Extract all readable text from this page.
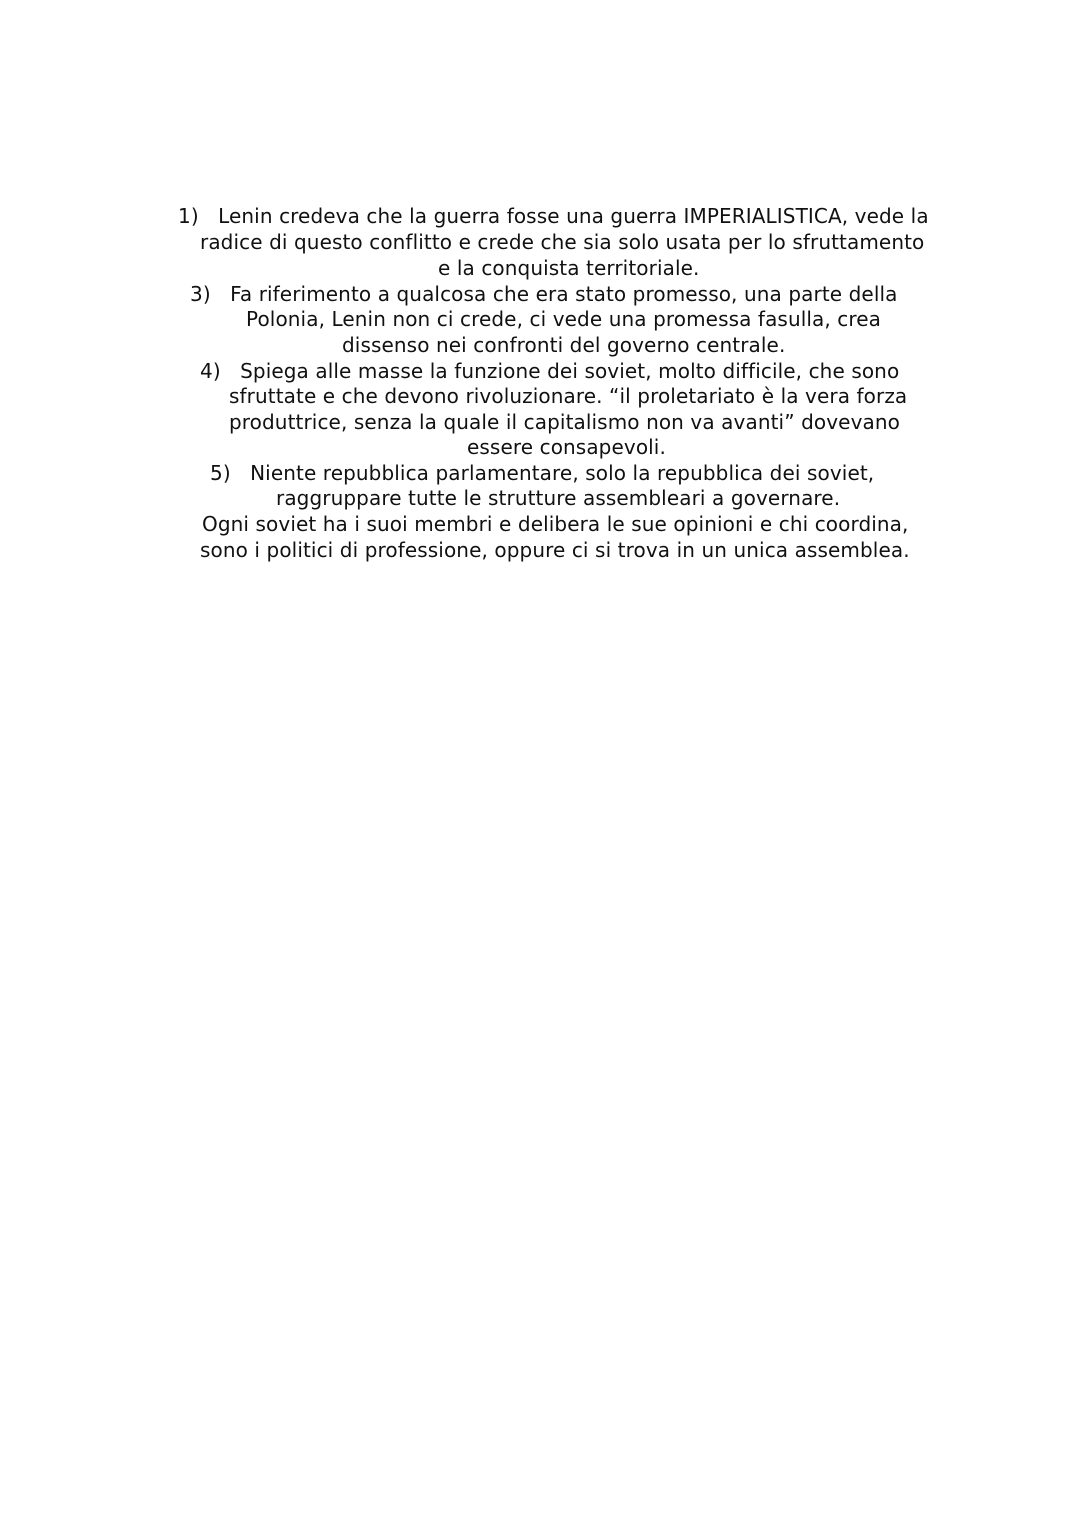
1) Lenin credeva che la guerra fosse una guerra IMPERIALISTICA, vede la
radice di questo conflitto e crede che sia solo usata per lo sfruttamento
e la conquista territoriale.
3) Fa riferimento a qualcosa che era stato promesso, una parte della
Polonia, Lenin non ci crede, ci vede una promessa fasulla, crea
dissenso nei confronti del governo centrale.
4) Spiega alle masse la funzione dei soviet, molto difficile, che sono
sfruttate e che devono rivoluzionare. “il proletariato è la vera forza
produttrice, senza la quale il capitalismo non va avanti” dovevano
essere consapevoli.
5) Niente repubblica parlamentare, solo la repubblica dei soviet,
raggruppare tutte le strutture assembleari a governare.
Ogni soviet ha i suoi membri e delibera le sue opinioni e chi coordina,
sono i politici di professione, oppure ci si trova in un unica assemblea.
